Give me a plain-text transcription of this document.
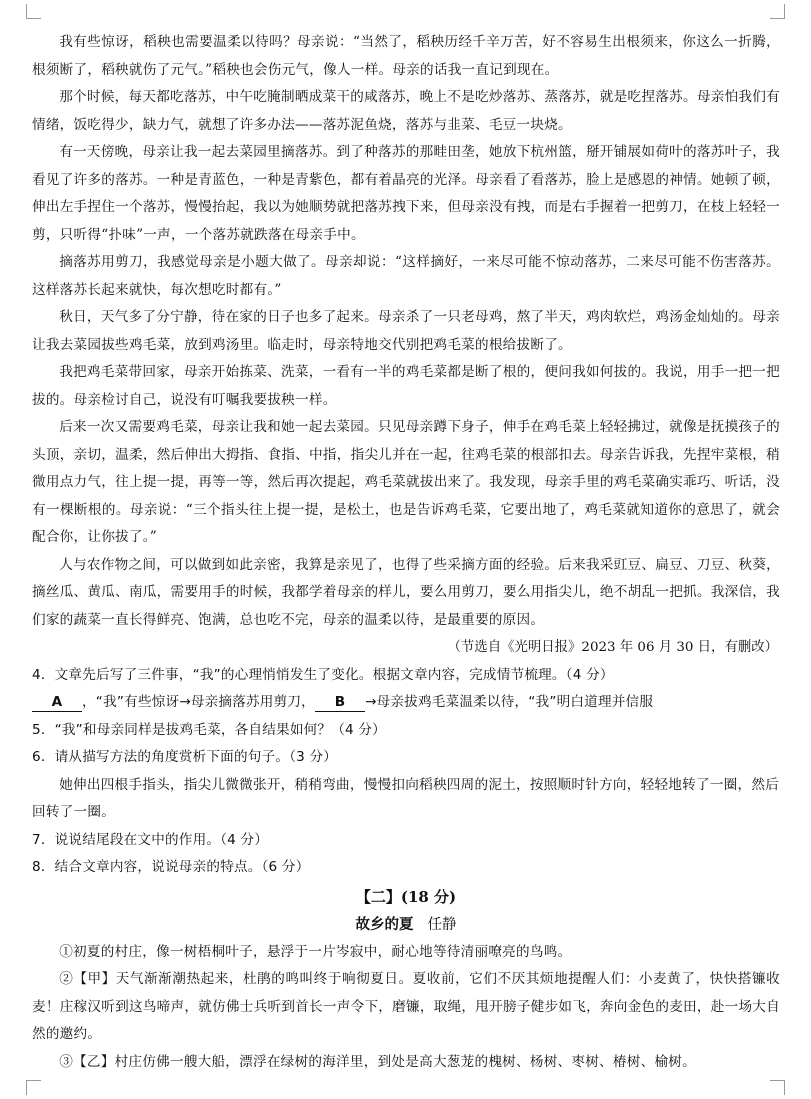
我有些惊讶，稻秧也需要温柔以待吗？母亲说：“当然了，稻秧历经千辛万苦，好不容易生出根须来，你这么一折腾，根须断了，稻秧就伤了元气。”稻秧也会伤元气，像人一样。母亲的话我一直记到现在。

那个时候，每天都吃落苏，中午吃腌制晒成菜干的咸落苏，晚上不是吃炒落苏、蒸落苏，就是吃捏落苏。母亲怕我们有情绪，饭吃得少，缺力气，就想了许多办法——落苏泥鱼烧，落苏与韭菜、毛豆一块烧。

有一天傍晚，母亲让我一起去菜园里摘落苏。到了种落苏的那畦田垄，她放下杭州篮，掰开铺展如荷叶的落苏叶子，我看见了许多的落苏。一种是青蓝色，一种是青紫色，都有着晶亮的光泽。母亲看了看落苏，脸上是感恩的神情。她顿了顿，伸出左手捏住一个落苏，慢慢抬起，我以为她顺势就把落苏拽下来，但母亲没有拽，而是右手握着一把剪刀，在枝上轻轻一剪，只听得“扑味”一声，一个落苏就跌落在母亲手中。

摘落苏用剪刀，我感觉母亲是小题大做了。母亲却说：“这样摘好，一来尽可能不惊动落苏，二来尽可能不伤害落苏。这样落苏长起来就快，每次想吃时都有。”

秋日，天气多了分宁静，待在家的日子也多了起来。母亲杀了一只老母鸡，熬了半天，鸡肉软烂，鸡汤金灿灿的。母亲让我去菜园拔些鸡毛菜，放到鸡汤里。临走时，母亲特地交代别把鸡毛菜的根给拔断了。

我把鸡毛菜带回家，母亲开始拣菜、洗菜，一看有一半的鸡毛菜都是断了根的，便问我如何拔的。我说，用手一把一把拔的。母亲检讨自己，说没有叮嘱我要拔秧一样。

后来一次又需要鸡毛菜，母亲让我和她一起去菜园。只见母亲蹲下身子，伸手在鸡毛菜上轻轻拂过，就像是抚摸孩子的头顶，亲切，温柔，然后伸出大拇指、食指、中指，指尖儿并在一起，往鸡毛菜的根部扣去。母亲告诉我，先捏牢菜根，稍微用点力气，往上提一提，再等一等，然后再次提起，鸡毛菜就拔出来了。我发现，母亲手里的鸡毛菜确实乖巧、听话，没有一棵断根的。母亲说：“三个指头往上提一提，是松土，也是告诉鸡毛菜，它要出地了，鸡毛菜就知道你的意思了，就会配合你，让你拔了。”

人与农作物之间，可以做到如此亲密，我算是亲见了，也得了些采摘方面的经验。后来我采豇豆、扁豆、刀豆、秋葵，摘丝瓜、黄瓜、南瓜，需要用手的时候，我都学着母亲的样儿，要么用剪刀，要么用指尖儿，绝不胡乱一把抓。我深信，我们家的蔬菜一直长得鲜亮、饱满，总也吃不完，母亲的温柔以待，是最重要的原因。

（节选自《光明日报》2023 年 06 月 30 日，有删改）

4．文章先后写了三件事，“我”的心理悄悄发生了变化。根据文章内容，完成情节梳理。（4 分）

A ，“我”有些惊讶→母亲摘落苏用剪刀， B →母亲拔鸡毛菜温柔以待，“我”明白道理并信服

5．“我”和母亲同样是拔鸡毛菜，各自结果如何？（4 分）

6．请从描写方法的角度赏析下面的句子。（3 分）

她伸出四根手指头，指尖儿微微张开，稍稍弯曲，慢慢扣向稻秧四周的泥土，按照顺时针方向，轻轻地转了一圈，然后回转了一圈。

7．说说结尾段在文中的作用。（4 分）

8．结合文章内容，说说母亲的特点。（6 分）

【二】(18 分)

故乡的夏 任静

①初夏的村庄，像一树梧桐叶子，悬浮于一片岑寂中，耐心地等待清丽嘹亮的鸟鸣。

②【甲】天气渐渐潮热起来，杜鹃的鸣叫终于响彻夏日。夏收前，它们不厌其烦地提醒人们：小麦黄了，快快搭镰收麦！庄稼汉听到这鸟啼声，就仿佛士兵听到首长一声令下，磨镰，取绳，甩开膀子健步如飞，奔向金色的麦田，赴一场大自然的邀约。

③【乙】村庄仿佛一艘大船，漂浮在绿树的海洋里，到处是高大葱茏的槐树、杨树、枣树、椿树、榆树。
